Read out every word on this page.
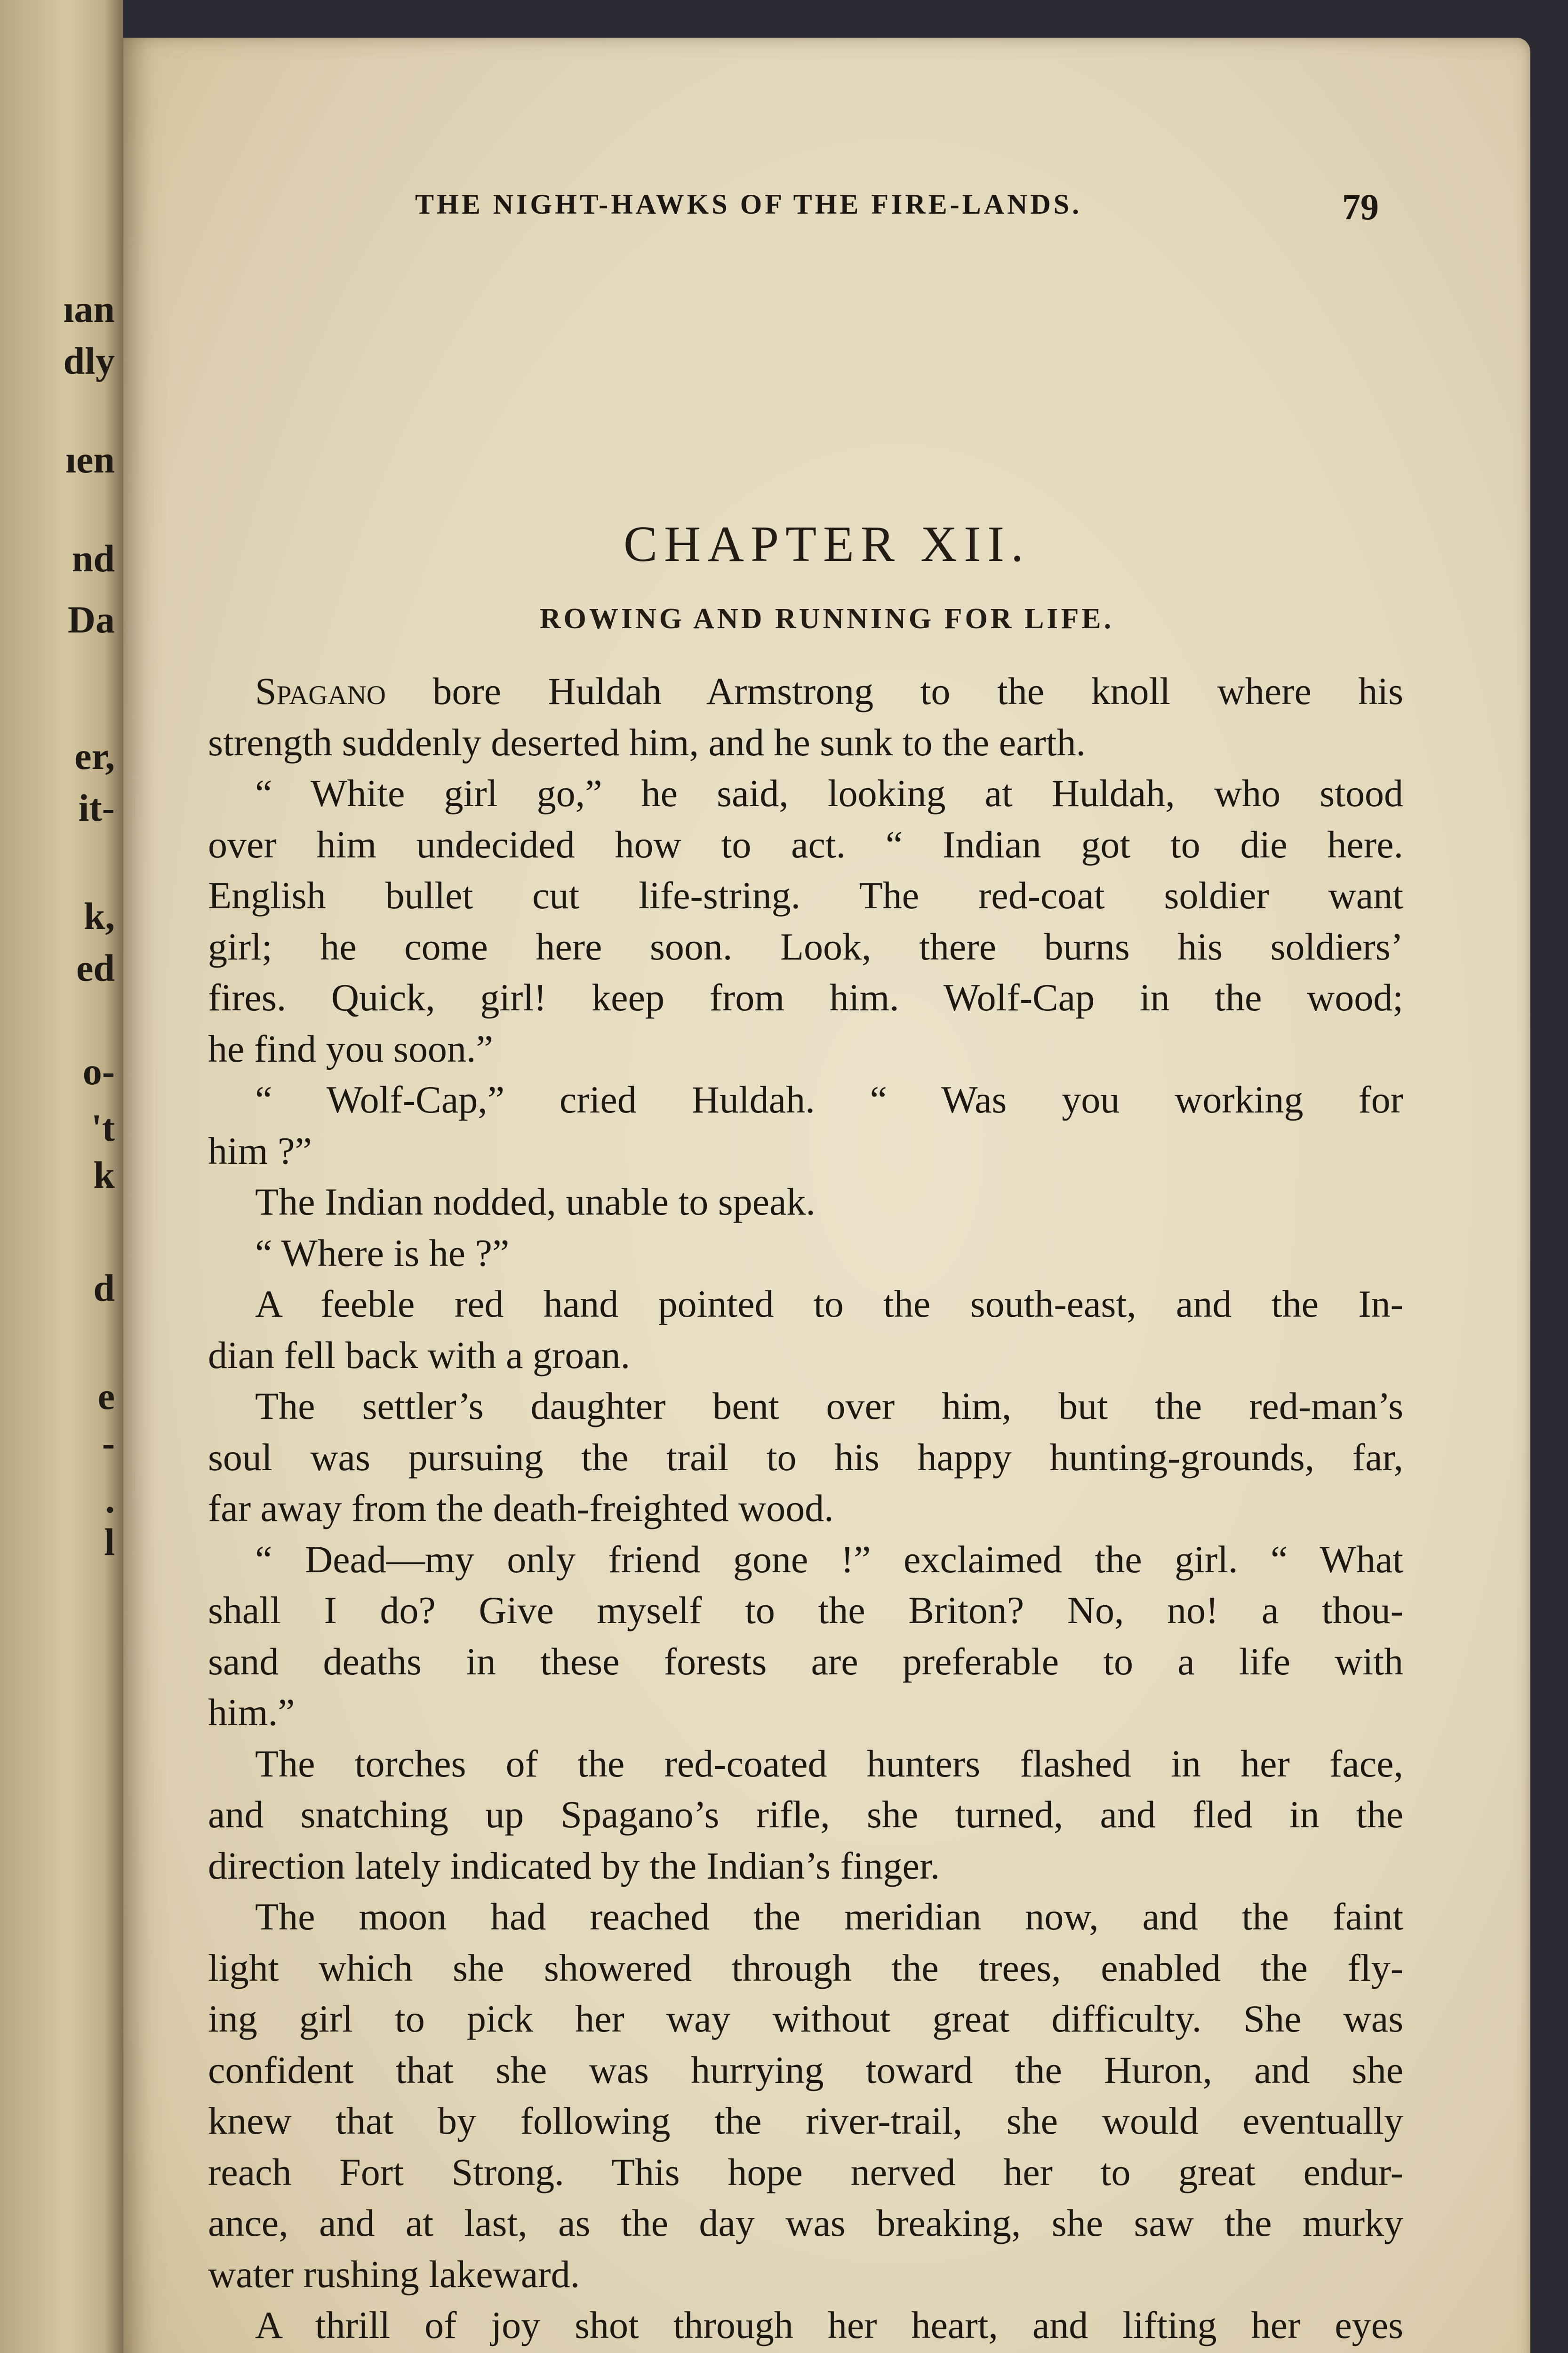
ıan
dly
ıen
nd
Da
er,
it-
k,
ed
o-
't
k
d
e
-
.
l
THE NIGHT-HAWKS OF THE FIRE-LANDS.	79
CHAPTER XII.
ROWING AND RUNNING FOR LIFE.
Spagano bore Huldah Armstrong to the knoll where his
strength suddenly deserted him, and he sunk to the earth.
“ White girl go,” he said, looking at Huldah, who stood
over him undecided how to act. “ Indian got to die here.
English bullet cut life-string. The red-coat soldier want
girl; he come here soon. Look, there burns his soldiers’
fires. Quick, girl! keep from him. Wolf-Cap in the wood;
he find you soon.”
“ Wolf-Cap,” cried Huldah. “ Was you working for
him ?”
The Indian nodded, unable to speak.
“ Where is he ?”
A feeble red hand pointed to the south-east, and the In-
dian fell back with a groan.
The settler’s daughter bent over him, but the red-man’s
soul was pursuing the trail to his happy hunting-grounds, far,
far away from the death-freighted wood.
“ Dead—my only friend gone !” exclaimed the girl. “ What
shall I do? Give myself to the Briton? No, no! a thou-
sand deaths in these forests are preferable to a life with
him.”
The torches of the red-coated hunters flashed in her face,
and snatching up Spagano’s rifle, she turned, and fled in the
direction lately indicated by the Indian’s finger.
The moon had reached the meridian now, and the faint
light which she showered through the trees, enabled the fly-
ing girl to pick her way without great difficulty. She was
confident that she was hurrying toward the Huron, and she
knew that by following the river-trail, she would eventually
reach Fort Strong. This hope nerved her to great endur-
ance, and at last, as the day was breaking, she saw the murky
water rushing lakeward.
A thrill of joy shot through her heart, and lifting her eyes
